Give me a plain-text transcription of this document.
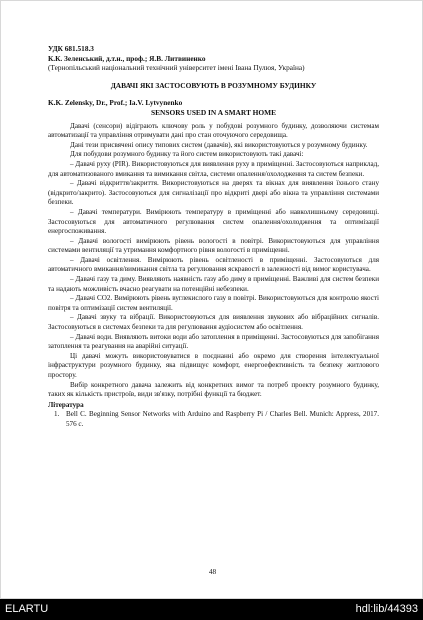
УДК 681.518.3
К.К. Зеленський, д.т.н., проф.; Я.В. Литвиненко
(Тернопільський національний технічний університет імені Івана Пулюя, Україна)
ДАВАЧІ ЯКІ ЗАСТОСОВУЮТЬ В РОЗУМНОМУ БУДИНКУ
K.K. Zelensky, Dr., Prof.; Ia.V. Lytvynenko
SENSORS USED IN A SMART HOME

Давачі (сенсори) відіграють ключову роль у побудові розумного будинку, дозволяючи системам автоматизації та управління отримувати дані про стан оточуючого середовища.

Дані тези присвячені опису типових систем (давачів), які використовуються у розумному будинку.

Для побудови розумного будинку та його систем використовують такі давачі:

– Давачі руху (PIR). Використовуються для виявлення руху в приміщенні. Застосовуються наприклад, для автоматизованого вмикання та вимикання світла, системи опалення/охолодження та систем безпеки.

– Давачі відкриття/закриття. Використовуються на дверях та вікнах для виявлення їхнього стану (відкрито/закрито). Застосовуються для сигналізації про відкриті двері або вікна та управління системами безпеки.

– Давачі температури. Вимірюють температуру в приміщенні або навколишньому середовищі. Застосовуються для автоматичного регулювання систем опалення/охолодження та оптимізації енергоспоживання.

– Давачі вологості вимірюють рівень вологості в повітрі. Використовуються для управління системами вентиляції та утримання комфортного рівня вологості в приміщенні.

– Давачі освітлення. Вимірюють рівень освітленості в приміщенні. Застосовуються для автоматичного вмикання/вимикання світла та регулювання яскравості в залежності від вимог користувача.

– Давачі газу та диму. Виявляють наявність газу або диму в приміщенні. Важливі для систем безпеки та надають можливість вчасно реагувати на потенційні небезпеки.

– Давачі CO2. Вимірюють рівень вуглекислого газу в повітрі. Використовуються для контролю якості повітря та оптимізації систем вентиляції.

– Давачі звуку та вібрації. Використовуються для виявлення звукових або вібраційних сигналів. Застосовуються в системах безпеки та для регулювання аудіосистем або освітлення.

– Давачі води. Виявляють витоки води або затоплення в приміщенні. Застосовуються для запобігання затоплення та реагування на аварійні ситуації.

Ці давачі можуть використовуватися в поєднанні або окремо для створення інтелектуальної інфраструктури розумного будинку, яка підвищує комфорт, енергоефективність та безпеку житлового простору.

Вибір конкретного давача залежить від конкретних вимог та потреб проекту розумного будинку, таких як кількість пристроїв, види зв'язку, потрібні функції та бюджет.

Література

1. Bell C. Beginning Sensor Networks with Arduino and Raspberry Pi / Charles Bell. Munich: Appress, 2017. 576 с.

48
ELARTU	hdl:lib/44393
